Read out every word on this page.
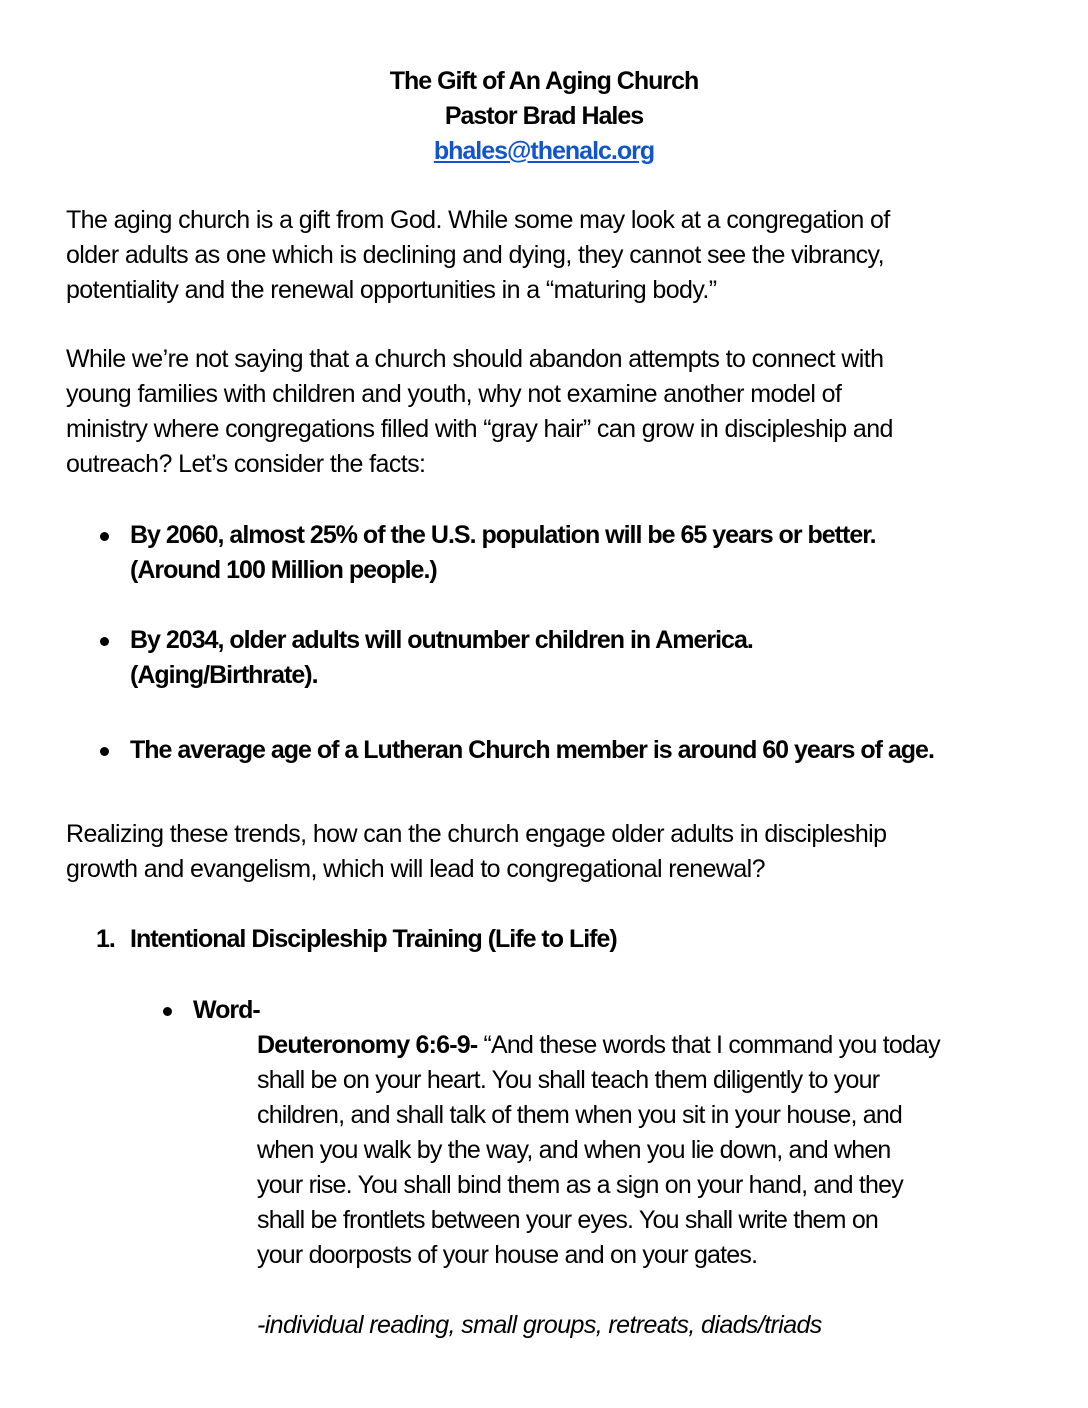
The Gift of An Aging Church
Pastor Brad Hales
bhales@thenalc.org
The aging church is a gift from God. While some may look at a congregation of
older adults as one which is declining and dying, they cannot see the vibrancy,
potentiality and the renewal opportunities in a “maturing body.”
While we’re not saying that a church should abandon attempts to connect with
young families with children and youth, why not examine another model of
ministry where congregations filled with “gray hair” can grow in discipleship and
outreach? Let’s consider the facts:
By 2060, almost 25% of the U.S. population will be 65 years or better.
(Around 100 Million people.)
By 2034, older adults will outnumber children in America.
(Aging/Birthrate).
The average age of a Lutheran Church member is around 60 years of age.
Realizing these trends, how can the church engage older adults in discipleship
growth and evangelism, which will lead to congregational renewal?
1. Intentional Discipleship Training (Life to Life)
Word-
Deuteronomy 6:6-9- “And these words that I command you today
shall be on your heart. You shall teach them diligently to your
children, and shall talk of them when you sit in your house, and
when you walk by the way, and when you lie down, and when
your rise. You shall bind them as a sign on your hand, and they
shall be frontlets between your eyes. You shall write them on
your doorposts of your house and on your gates.
-individual reading, small groups, retreats, diads/triads
